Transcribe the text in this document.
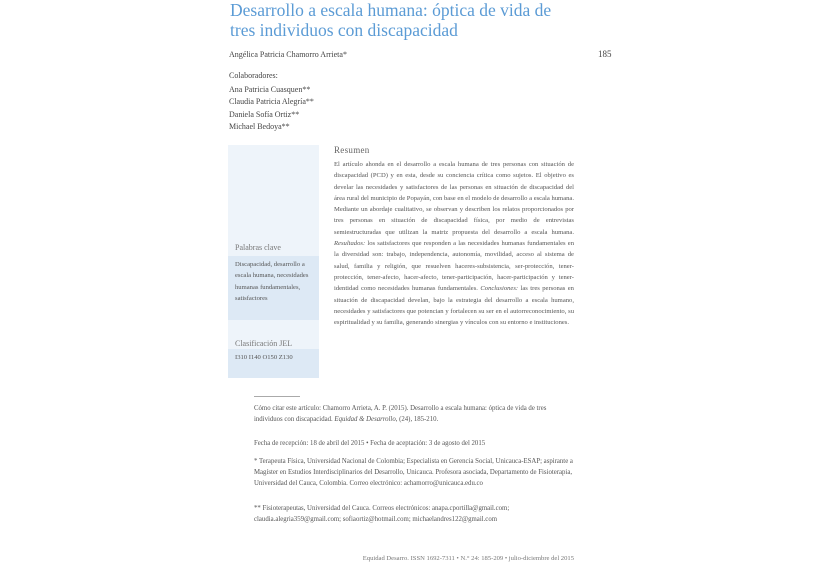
Desarrollo a escala humana: óptica de vida de tres individuos con discapacidad
Angélica Patricia Chamorro Arrieta*	185
Colaboradores:
Ana Patricia Cuasquen**
Claudia Patricia Alegría**
Daniela Sofía Ortiz**
Michael Bedoya**
Resumen
El artículo ahonda en el desarrollo a escala humana de tres personas con situación de discapacidad (PCD) y en esta, desde su conciencia crítica como sujetos. El objetivo es develar las necesidades y satisfactores de las personas en situación de discapacidad del área rural del municipio de Popayán, con base en el modelo de desarrollo a escala humana. Mediante un abordaje cualitativo, se observan y describen los relatos proporcionados por tres personas en situación de discapacidad física, por medio de entrevistas semiestructuradas que utilizan la matriz propuesta del desarrollo a escala humana. Resultados: los satisfactores que responden a las necesidades humanas fundamentales en la diversidad son: trabajo, independencia, autonomía, movilidad, acceso al sistema de salud, familia y religión, que resuelven haceres-subsistencia, ser-protección, tener-protección, tener-afecto, hacer-afecto, tener-participación, hacer-participación y tener-identidad como necesidades humanas fundamentales. Conclusiones: las tres personas en situación de discapacidad develan, bajo la estrategia del desarrollo a escala humano, necesidades y satisfactores que potencian y fortalecen su ser en el autorreconocimiento, su espiritualidad y su familia, generando sinergias y vínculos con su entorno e instituciones.
Palabras clave
Discapacidad, desarrollo a escala humana, necesidades humanas fundamentales, satisfactores
Clasificación JEL
I310 I140 O150 Z130
Cómo citar este artículo: Chamorro Arrieta, A. P. (2015). Desarrollo a escala humana: óptica de vida de tres individuos con discapacidad. Equidad & Desarrollo, (24), 185-210.
Fecha de recepción: 18 de abril del 2015 • Fecha de aceptación: 3 de agosto del 2015
* Terapeuta Física, Universidad Nacional de Colombia; Especialista en Gerencia Social, Unicauca-ESAP; aspirante a Magíster en Estudios Interdisciplinarios del Desarrollo, Unicauca. Profesora asociada, Departamento de Fisioterapia, Universidad del Cauca, Colombia. Correo electrónico: achamorro@unicauca.edu.co
** Fisioterapeutas, Universidad del Cauca. Correos electrónicos: anapa.cportilla@gmail.com; claudia.alegria359@gmail.com; sofiaortiz@hotmail.com; michaelandres122@gmail.com
Equidad Desarro. ISSN 1692-7311 • N.° 24: 185-209 • julio-diciembre del 2015
